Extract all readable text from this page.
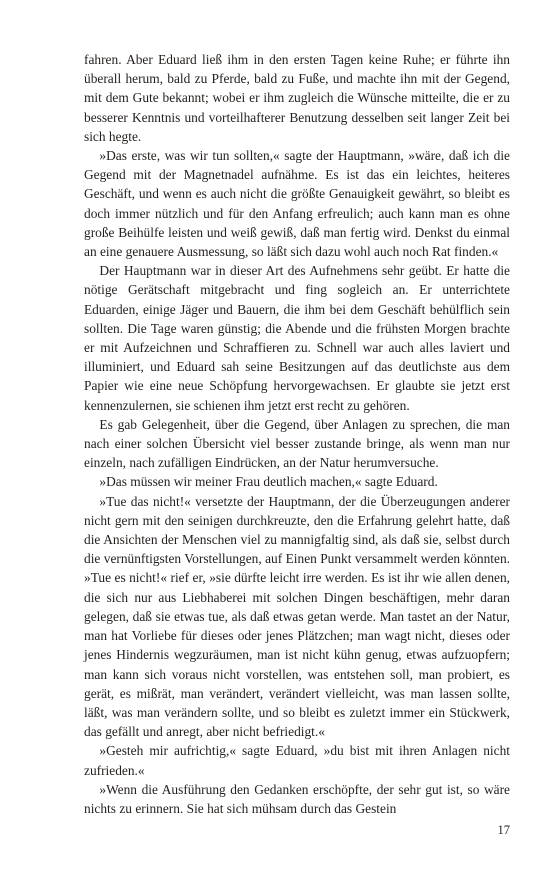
fahren. Aber Eduard ließ ihm in den ersten Tagen keine Ruhe; er führte ihn überall herum, bald zu Pferde, bald zu Fuße, und machte ihn mit der Gegend, mit dem Gute bekannt; wobei er ihm zugleich die Wünsche mitteilte, die er zu besserer Kenntnis und vorteilhafterer Benutzung desselben seit langer Zeit bei sich hegte.

»Das erste, was wir tun sollten,« sagte der Hauptmann, »wäre, daß ich die Gegend mit der Magnetnadel aufnähme. Es ist das ein leichtes, heiteres Geschäft, und wenn es auch nicht die größte Genauigkeit gewährt, so bleibt es doch immer nützlich und für den Anfang erfreulich; auch kann man es ohne große Beihülfe leisten und weiß gewiß, daß man fertig wird. Denkst du einmal an eine genauere Ausmessung, so läßt sich dazu wohl auch noch Rat finden.«

Der Hauptmann war in dieser Art des Aufnehmens sehr geübt. Er hatte die nötige Gerätschaft mitgebracht und fing sogleich an. Er unterrichtete Eduarden, einige Jäger und Bauern, die ihm bei dem Geschäft behülflich sein sollten. Die Tage waren günstig; die Abende und die frühsten Morgen brachte er mit Aufzeichnen und Schraffieren zu. Schnell war auch alles laviert und illuminiert, und Eduard sah seine Besitzungen auf das deutlichste aus dem Papier wie eine neue Schöpfung hervorgewachsen. Er glaubte sie jetzt erst kennenzulernen, sie schienen ihm jetzt erst recht zu gehören.

Es gab Gelegenheit, über die Gegend, über Anlagen zu sprechen, die man nach einer solchen Übersicht viel besser zustande bringe, als wenn man nur einzeln, nach zufälligen Eindrücken, an der Natur herumversuche.

»Das müssen wir meiner Frau deutlich machen,« sagte Eduard.

»Tue das nicht!« versetzte der Hauptmann, der die Überzeugungen anderer nicht gern mit den seinigen durchkreuzte, den die Erfahrung gelehrt hatte, daß die Ansichten der Menschen viel zu mannigfaltig sind, als daß sie, selbst durch die vernünftigsten Vorstellungen, auf Einen Punkt versammelt werden könnten. »Tue es nicht!« rief er, »sie dürfte leicht irre werden. Es ist ihr wie allen denen, die sich nur aus Liebhaberei mit solchen Dingen beschäftigen, mehr daran gelegen, daß sie etwas tue, als daß etwas getan werde. Man tastet an der Natur, man hat Vorliebe für dieses oder jenes Plätzchen; man wagt nicht, dieses oder jenes Hindernis wegzuräumen, man ist nicht kühn genug, etwas aufzuopfern; man kann sich voraus nicht vorstellen, was entstehen soll, man probiert, es gerät, es mißrät, man verändert, verändert vielleicht, was man lassen sollte, läßt, was man verändern sollte, und so bleibt es zuletzt immer ein Stückwerk, das gefällt und anregt, aber nicht befriedigt.«

»Gesteh mir aufrichtig,« sagte Eduard, »du bist mit ihren Anlagen nicht zufrieden.«

»Wenn die Ausführung den Gedanken erschöpfte, der sehr gut ist, so wäre nichts zu erinnern. Sie hat sich mühsam durch das Gestein

17
